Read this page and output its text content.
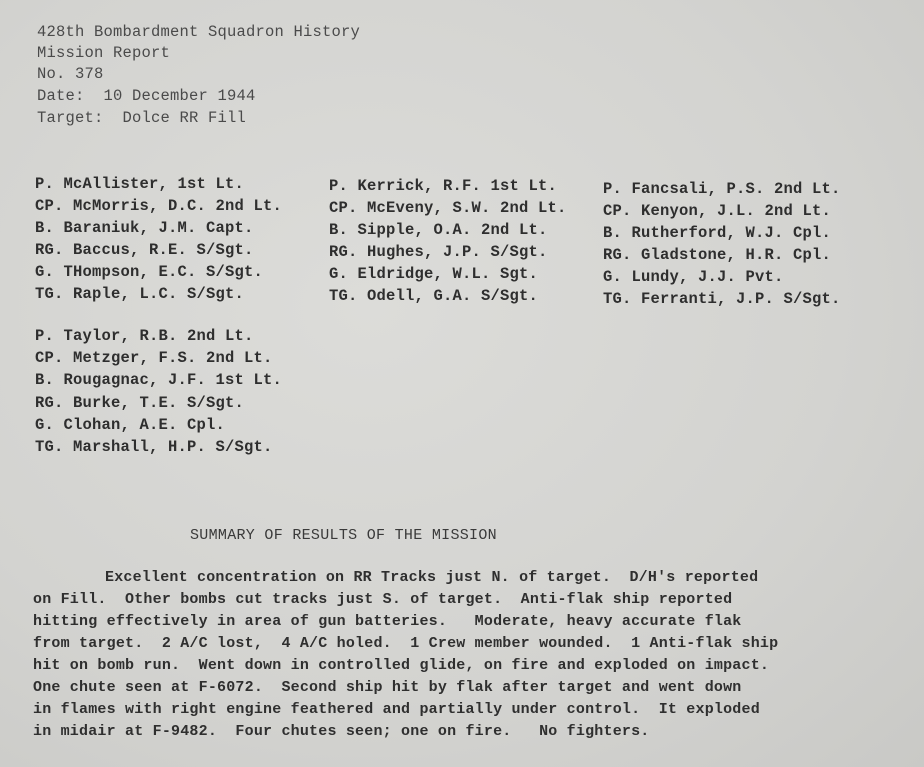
428th Bombardment Squadron History
Mission Report
No. 378
Date:  10 December 1944
Target:  Dolce RR Fill
P. McAllister, 1st Lt.
CP. McMorris, D.C. 2nd Lt.
B. Baraniuk, J.M. Capt.
RG. Baccus, R.E. S/Sgt.
G. THompson, E.C. S/Sgt.
TG. Raple, L.C. S/Sgt.
P. Kerrick, R.F. 1st Lt.
CP. McEveny, S.W. 2nd Lt.
B. Sipple, O.A. 2nd Lt.
RG. Hughes, J.P. S/Sgt.
G. Eldridge, W.L. Sgt.
TG. Odell, G.A. S/Sgt.
P. Fancsali, P.S. 2nd Lt.
CP. Kenyon, J.L. 2nd Lt.
B. Rutherford, W.J. Cpl.
RG. Gladstone, H.R. Cpl.
G. Lundy, J.J. Pvt.
TG. Ferranti, J.P. S/Sgt.
P. Taylor, R.B. 2nd Lt.
CP. Metzger, F.S. 2nd Lt.
B. Rougagnac, J.F. 1st Lt.
RG. Burke, T.E. S/Sgt.
G. Clohan, A.E. Cpl.
TG. Marshall, H.P. S/Sgt.
SUMMARY OF RESULTS OF THE MISSION
Excellent concentration on RR Tracks just N. of target.  D/H's reported
on Fill.  Other bombs cut tracks just S. of target.  Anti-flak ship reported
hitting effectively in area of gun batteries.   Moderate, heavy accurate flak
from target.  2 A/C lost,  4 A/C holed.  1 Crew member wounded.  1 Anti-flak ship
hit on bomb run.  Went down in controlled glide, on fire and exploded on impact.
One chute seen at F-6072.  Second ship hit by flak after target and went down
in flames with right engine feathered and partially under control.  It exploded
in midair at F-9482.  Four chutes seen; one on fire.   No fighters.
